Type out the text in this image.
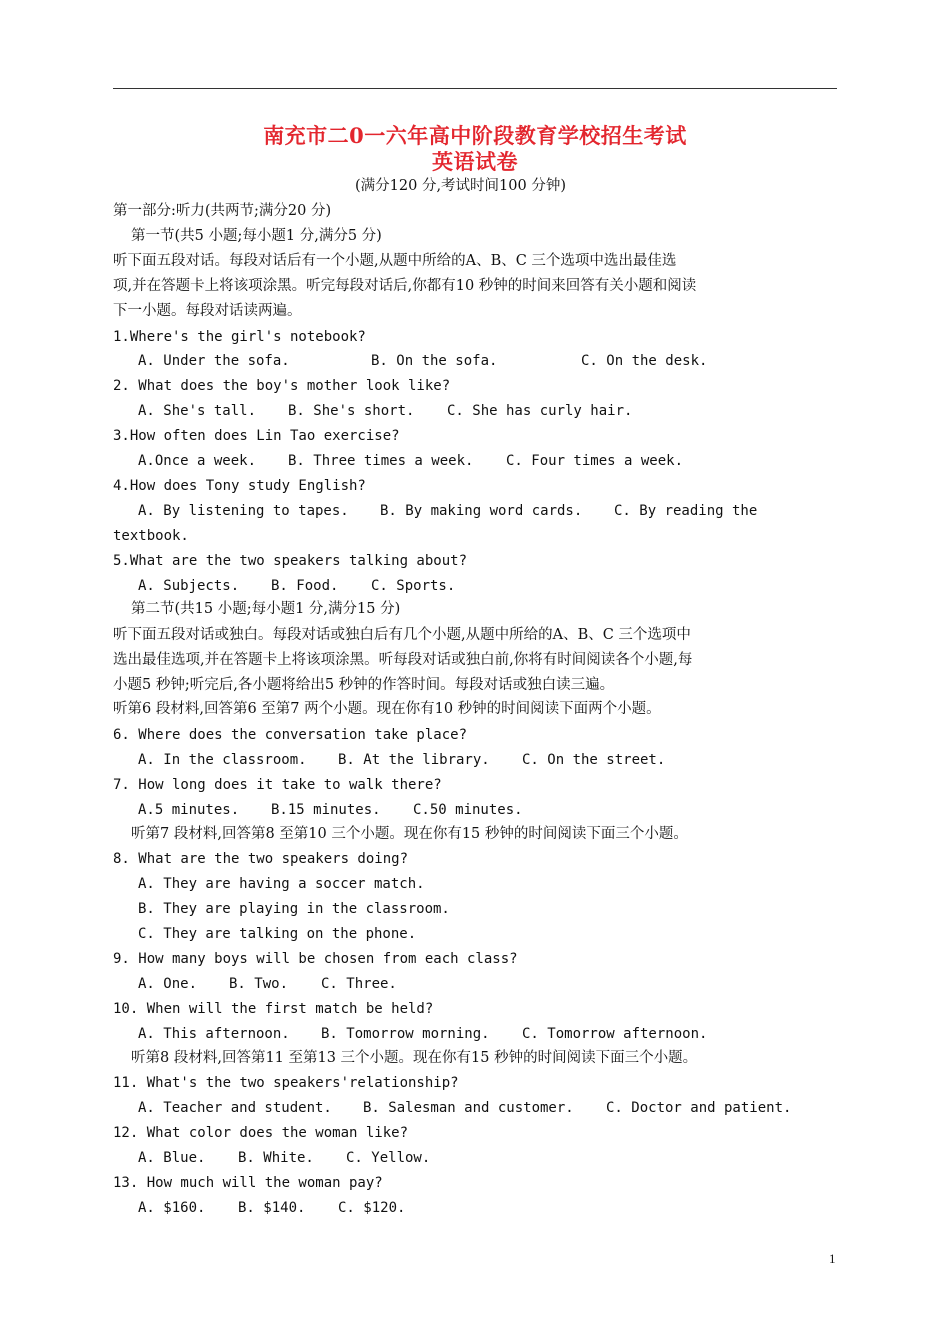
南充市二0一六年高中阶段教育学校招生考试
英语试卷
(满分120 分,考试时间100 分钟)
第一部分:听力(共两节;满分20 分)
第一节(共5 小题;每小题1 分,满分5 分)
听下面五段对话。每段对话后有一个小题,从题中所给的A、B、C 三个选项中选出最佳选
项,并在答题卡上将该项涂黑。听完每段对话后,你都有10 秒钟的时间来回答有关小题和阅读
下一小题。每段对话读两遍。
1.Where's the girl's notebook?
A. Under the sofa.	B. On the sofa.	C. On the desk.
2. What does the boy's mother look like?
A. She's tall. B. She's short. C. She has curly hair.
3.How often does Lin Tao exercise?
A.Once a week. B. Three times a week. C. Four times a week.
4.How does Tony study English?
A. By listening to tapes. B. By making word cards. C. By reading the
textbook.
5.What are the two speakers talking about?
A. Subjects. B. Food. C. Sports.
第二节(共15 小题;每小题1 分,满分15 分)
听下面五段对话或独白。每段对话或独白后有几个小题,从题中所给的A、B、C 三个选项中
选出最佳选项,并在答题卡上将该项涂黑。听每段对话或独白前,你将有时间阅读各个小题,每
小题5 秒钟;听完后,各小题将给出5 秒钟的作答时间。每段对话或独白读三遍。
听第6 段材料,回答第6 至第7 两个小题。现在你有10 秒钟的时间阅读下面两个小题。
6. Where does the conversation take place?
A. In the classroom. B. At the library. C. On the street.
7. How long does it take to walk there?
A.5 minutes. B.15 minutes. C.50 minutes.
听第7 段材料,回答第8 至第10 三个小题。现在你有15 秒钟的时间阅读下面三个小题。
8. What are the two speakers doing?
A. They are having a soccer match.
B. They are playing in the classroom.
C. They are talking on the phone.
9. How many boys will be chosen from each class?
A. One. B. Two. C. Three.
10. When will the first match be held?
A. This afternoon. B. Tomorrow morning. C. Tomorrow afternoon.
听第8 段材料,回答第11 至第13 三个小题。现在你有15 秒钟的时间阅读下面三个小题。
11. What's the two speakers'relationship?
A. Teacher and student. B. Salesman and customer. C. Doctor and patient.
12. What color does the woman like?
A. Blue. B. White. C. Yellow.
13. How much will the woman pay?
A. $160. B. $140. C. $120.
1
